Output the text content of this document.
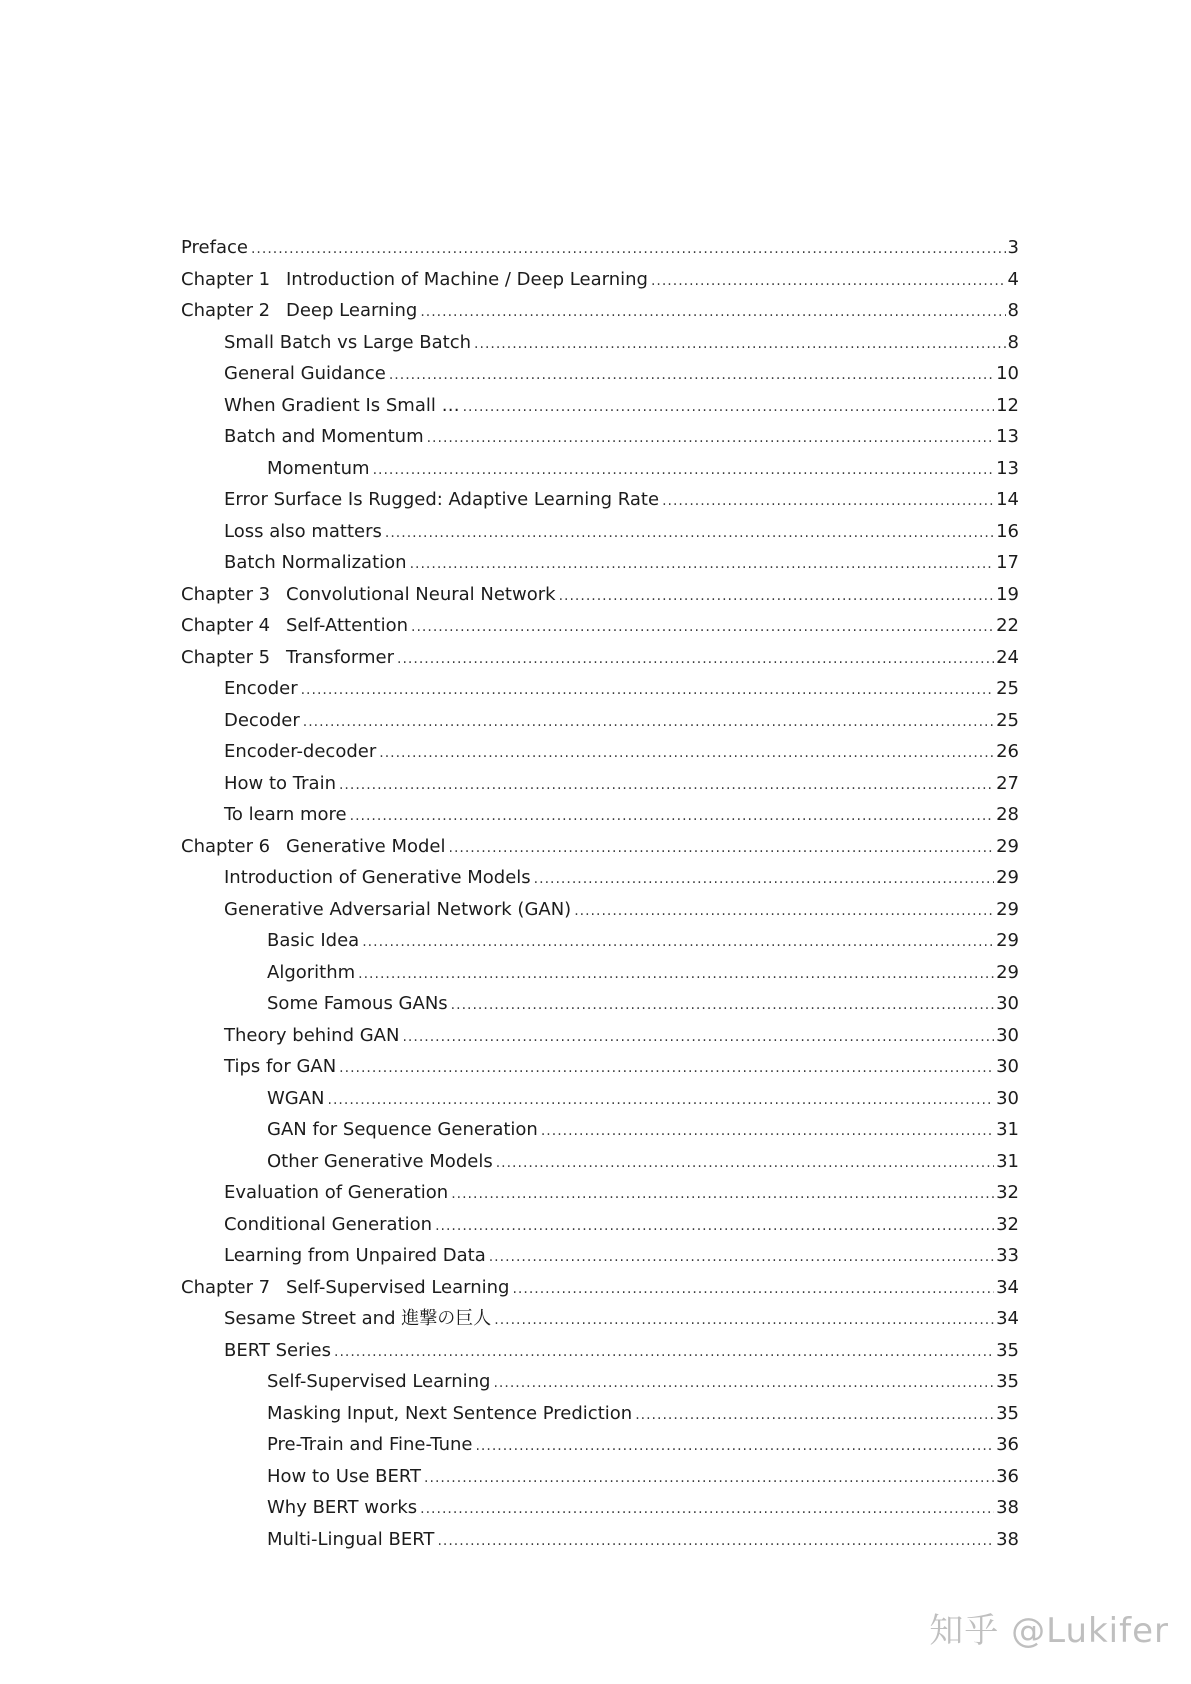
Preface .....	3
Chapter 1 Introduction of Machine / Deep Learning .....	4
Chapter 2 Deep Learning .....	8
Small Batch vs Large Batch .....	8
General Guidance .....	10
When Gradient Is Small … .....	12
Batch and Momentum .....	13
Momentum .....	13
Error Surface Is Rugged: Adaptive Learning Rate .....	14
Loss also matters .....	16
Batch Normalization .....	17
Chapter 3 Convolutional Neural Network .....	19
Chapter 4 Self-Attention .....	22
Chapter 5 Transformer .....	24
Encoder .....	25
Decoder .....	25
Encoder-decoder .....	26
How to Train .....	27
To learn more .....	28
Chapter 6 Generative Model .....	29
Introduction of Generative Models .....	29
Generative Adversarial Network (GAN) .....	29
Basic Idea .....	29
Algorithm .....	29
Some Famous GANs .....	30
Theory behind GAN .....	30
Tips for GAN .....	30
WGAN .....	30
GAN for Sequence Generation .....	31
Other Generative Models .....	31
Evaluation of Generation .....	32
Conditional Generation .....	32
Learning from Unpaired Data .....	33
Chapter 7 Self-Supervised Learning .....	34
Sesame Street and 進撃の巨人 .....	34
BERT Series .....	35
Self-Supervised Learning .....	35
Masking Input, Next Sentence Prediction .....	35
Pre-Train and Fine-Tune .....	36
How to Use BERT .....	36
Why BERT works .....	38
Multi-Lingual BERT .....	38
知乎 @Lukifer
